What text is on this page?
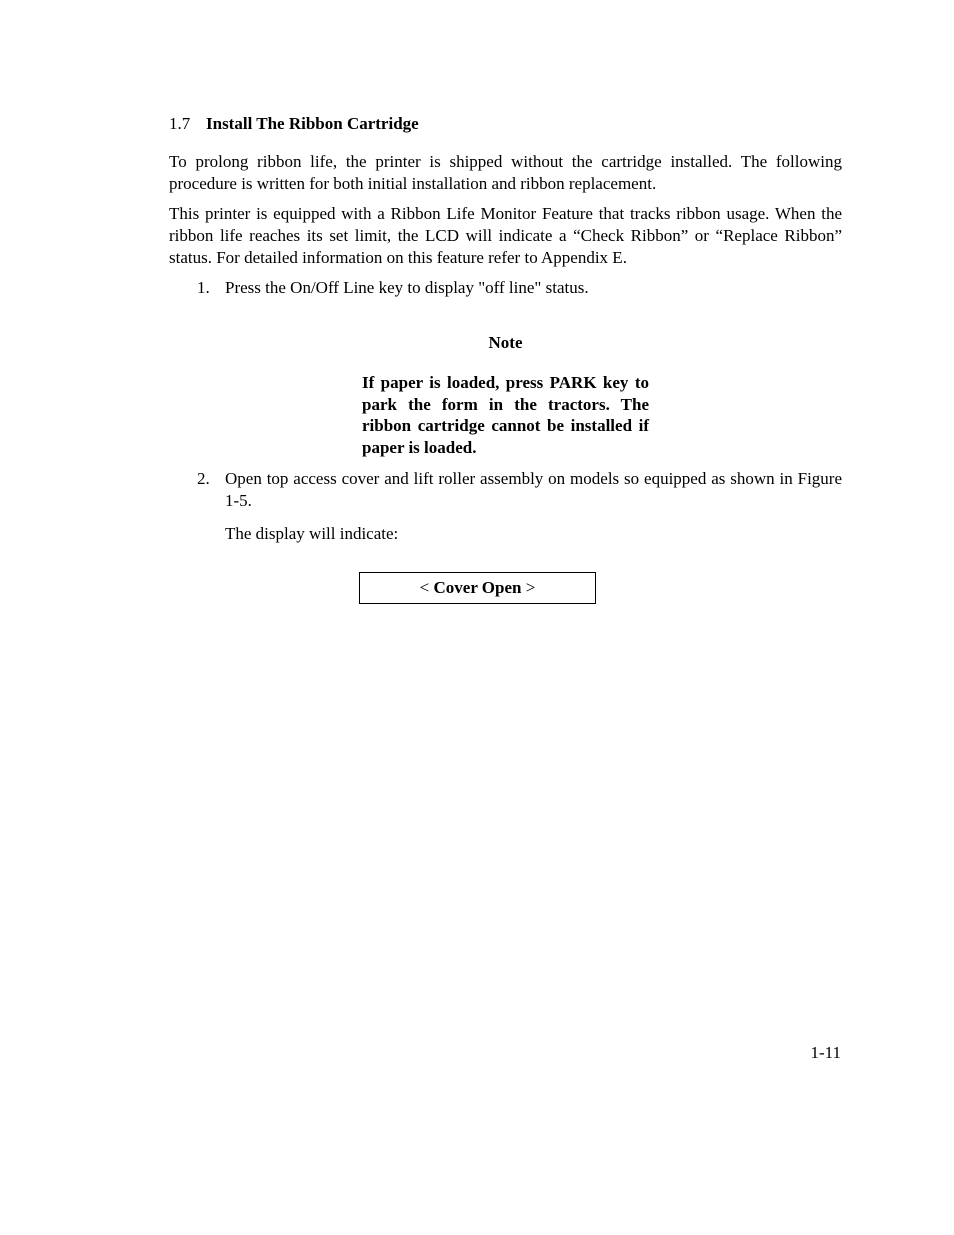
1.7 Install The Ribbon Cartridge

To prolong ribbon life, the printer is shipped without the cartridge installed. The following procedure is written for both initial installation and ribbon replacement.

This printer is equipped with a Ribbon Life Monitor Feature that tracks ribbon usage. When the ribbon life reaches its set limit, the LCD will indicate a “Check Ribbon” or “Replace Ribbon” status. For detailed information on this feature refer to Appendix E.

1. Press the On/Off Line key to display "off line" status.
Note
If paper is loaded, press PARK key to park the form in the tractors. The ribbon cartridge cannot be installed if paper is loaded.
2. Open top access cover and lift roller assembly on models so equipped as shown in Figure 1-5.
The display will indicate:
< Cover Open >
1-11
